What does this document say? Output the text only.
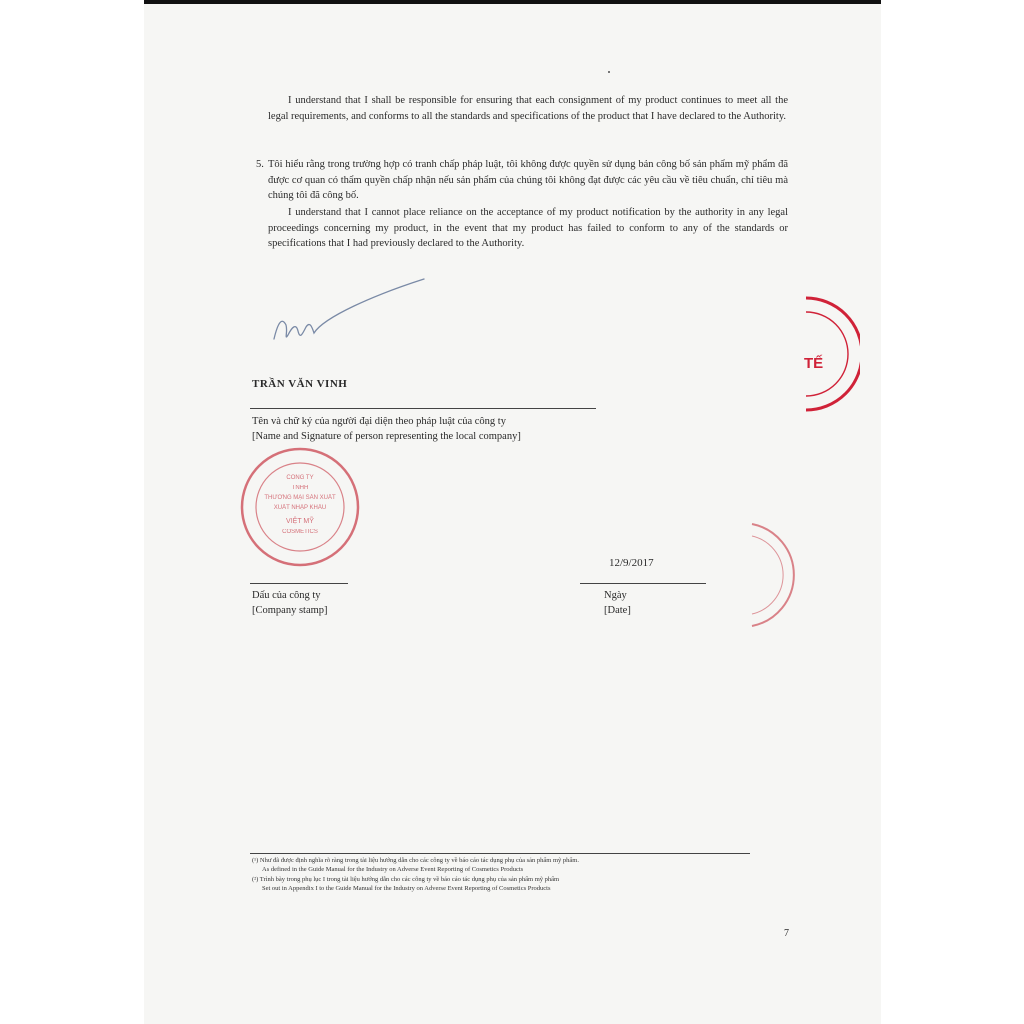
I understand that I shall be responsible for ensuring that each consignment of my product continues to meet all the legal requirements, and conforms to all the standards and specifications of the product that I have declared to the Authority.

5. Tôi hiểu rằng trong trường hợp có tranh chấp pháp luật, tôi không được quyền sử dụng bản công bố sản phẩm mỹ phẩm đã được cơ quan có thẩm quyền chấp nhận nếu sản phẩm của chúng tôi không đạt được các yêu cầu về tiêu chuẩn, chỉ tiêu mà chúng tôi đã công bố.

I understand that I cannot place reliance on the acceptance of my product notification by the authority in any legal proceedings concerning my product, in the event that my product has failed to conform to any of the standards or specifications that I had previously declared to the Authority.

TRẦN VĂN VINH
Tên và chữ ký của người đại diện theo pháp luật của công ty
[Name and Signature of person representing the local company]
CÔNG TY
TNHH
THƯƠNG MẠI SẢN XUẤT
XUẤT NHẬP KHẨU
VIỆT MỸ
COSMETICS
12/9/2017
Dấu của công ty
[Company stamp]
Ngày
[Date]
TẾ
(¹) Như đã được định nghĩa rõ ràng trong tài liệu hướng dẫn cho các công ty về báo cáo tác dụng phụ của sản phẩm mỹ phẩm.
As defined in the Guide Manual for the Industry on Adverse Event Reporting of Cosmetics Products
(²) Trình bày trong phụ lục I trong tài liệu hướng dẫn cho các công ty về báo cáo tác dụng phụ của sản phẩm mỹ phẩm
Set out in Appendix I to the Guide Manual for the Industry on Adverse Event Reporting of Cosmetics Products
7
